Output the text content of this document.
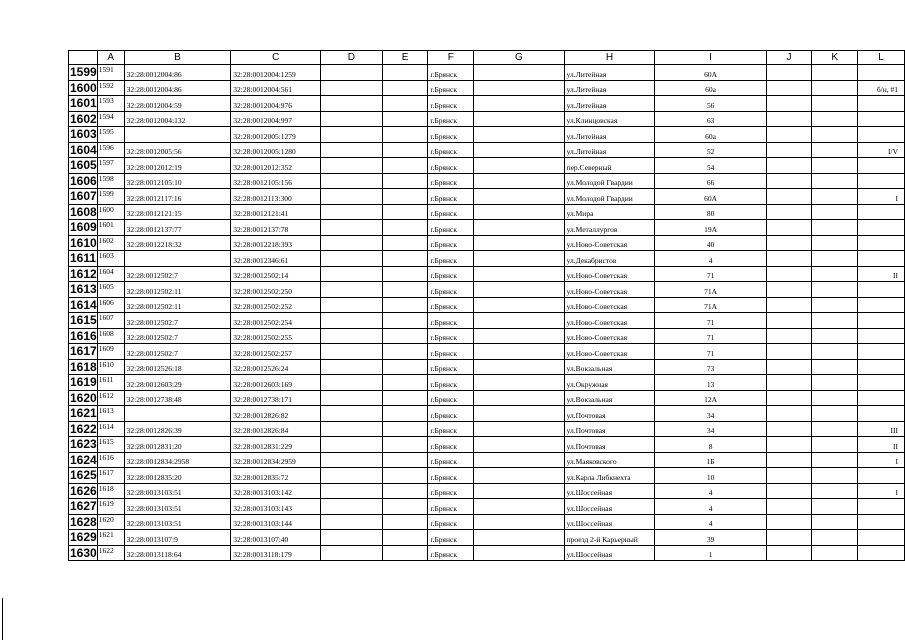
	A	B	C	D	E	F	G	H	I	J	K	L
1599	1591	32:28:0012004:86	32:28:0012004:1259			г.Брянск		ул.Литейная	60А			
1600	1592	32:28:0012004:86	32:28:0012004:561			г.Брянск		ул.Литейная	60а			б/н, #1
1601	1593	32:28:0012004:59	32:28:0012004:976			г.Брянск		ул.Литейная	56			
1602	1594	32:28:0012004:132	32:28:0012004:997			г.Брянск		ул.Клинцовская	63			
1603	1595		32:28:0012005:1279			г.Брянск		ул.Литейная	60а			
1604	1596	32:28:0012005:56	32:28:0012005:1280			г.Брянск		ул.Литейная	52			I/V
1605	1597	32:28:0012012:19	32:28:0012012:352			г.Брянск		пер.Северный	54			
1606	1598	32:28:0012105:10	32:28:0012105:156			г.Брянск		ул.Молодой Гвардии	66			
1607	1599	32:28:0012117:16	32:28:0012113:300			г.Брянск		ул.Молодой Гвардии	60А			I
1608	1600	32:28:0012121:15	32:28:0012121:41			г.Брянск		ул.Мира	80			
1609	1601	32:28:0012137:77	32:28:0012137:78			г.Брянск		ул.Металлургов	19А			
1610	1602	32:28:0012218:32	32:28:0012218:393			г.Брянск		ул.Ново-Советская	40			
1611	1603		32:28:0012346:61			г.Брянск		ул.Декабристов	4			
1612	1604	32:28:0012502:7	32:28:0012502:14			г.Брянск		ул.Ново-Советская	71			II
1613	1605	32:28:0012502:11	32:28:0012502:250			г.Брянск		ул.Ново-Советская	71А			
1614	1606	32:28:0012502:11	32:28:0012502:252			г.Брянск		ул.Ново-Советская	71А			
1615	1607	32:28:0012502:7	32:28:0012502:254			г.Брянск		ул.Ново-Советская	71			
1616	1608	32:28:0012502:7	32:28:0012502:255			г.Брянск		ул.Ново-Советская	71			
1617	1609	32:28:0012502:7	32:28:0012502:257			г.Брянск		ул.Ново-Советская	71			
1618	1610	32:28:0012526:18	32:28:0012526:24			г.Брянск		ул.Вокзальная	73			
1619	1611	32:28:0012603:29	32:28:0012603:169			г.Брянск		ул.Окружная	13			
1620	1612	32:28:0012738:48	32:28:0012738:171			г.Брянск		ул.Вокзальная	12А			
1621	1613		32:28:0012826:82			г.Брянск		ул.Почтовая	34			
1622	1614	32:28:0012826:39	32:28:0012826:84			г.Брянск		ул.Почтовая	34			III
1623	1615	32:28:0012831:20	32:28:0012831:229			г.Брянск		ул.Почтовая	8			II
1624	1616	32:28:0012834:2958	32:28:0012834:2959			г.Брянск		ул.Маяковского	1Б			I
1625	1617	32:28:0012835:20	32:28:0012835:72			г.Брянск		ул.Карла Либкнехта	10			
1626	1618	32:28:0013103:51	32:28:0013103:142			г.Брянск		ул.Шоссейная	4			I
1627	1619	32:28:0013103:51	32:28:0013103:143			г.Брянск		ул.Шоссейная	4			
1628	1620	32:28:0013103:51	32:28:0013103:144			г.Брянск		ул.Шоссейная	4			
1629	1621	32:28:0013107:9	32:28:0013107:40			г.Брянск		проезд 2-й Карьерный	39			
1630	1622	32:28:0013118:64	32:28:0013118:179			г.Брянск		ул.Шоссейная	1			
